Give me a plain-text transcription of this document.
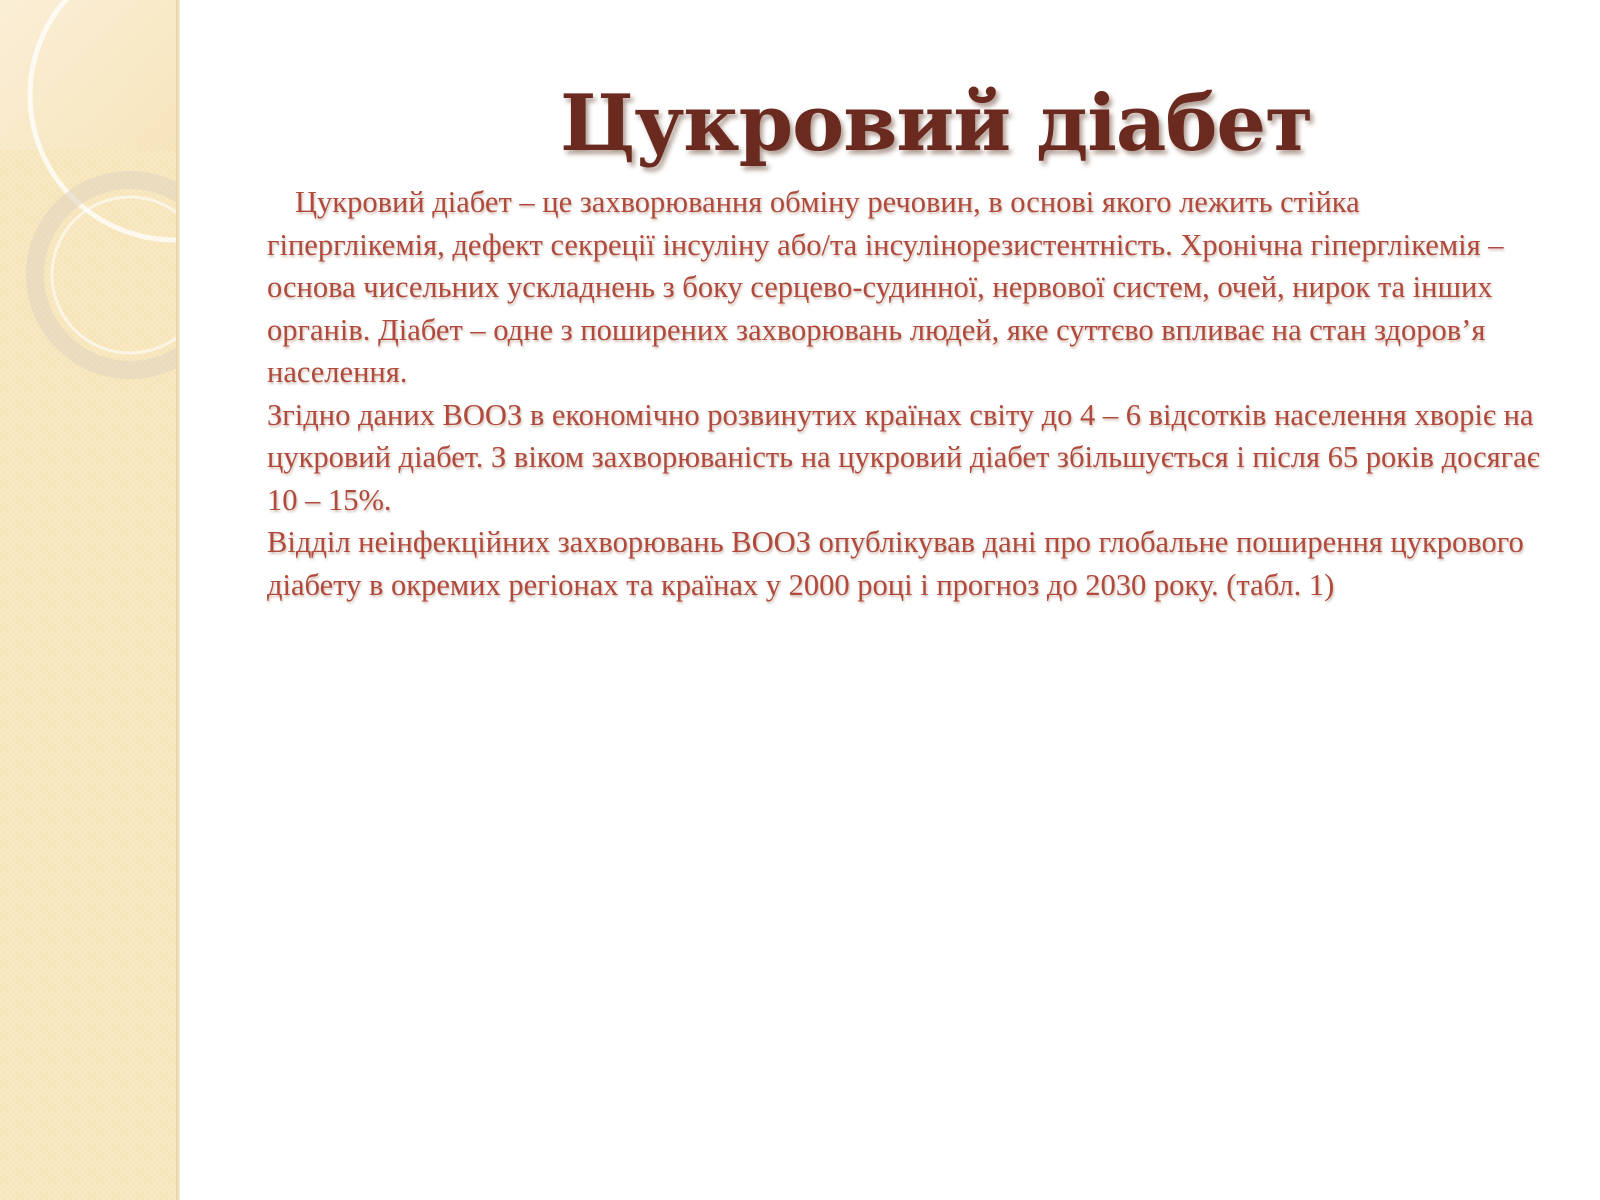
Цукровий діабет

Цукровий діабет – це захворювання обміну речовин, в основі якого лежить стійка гіперглікемія, дефект секреції інсуліну або/та інсулінорезистентність. Хронічна гіперглікемія – основа чисельних ускладнень з боку серцево-судинної, нервової систем, очей, нирок та інших органів. Діабет – одне з поширених захворювань людей, яке суттєво впливає на стан здоров’я населення.

Згідно даних ВООЗ в економічно розвинутих країнах світу до 4 – 6 відсотків населення хворіє на цукровий діабет. З віком захворюваність на цукровий діабет збільшується і після 65 років досягає 10 – 15%.

Відділ неінфекційних захворювань ВООЗ опублікував дані про глобальне поширення цукрового діабету в окремих регіонах та країнах у 2000 році і прогноз до 2030 року. (табл. 1)
